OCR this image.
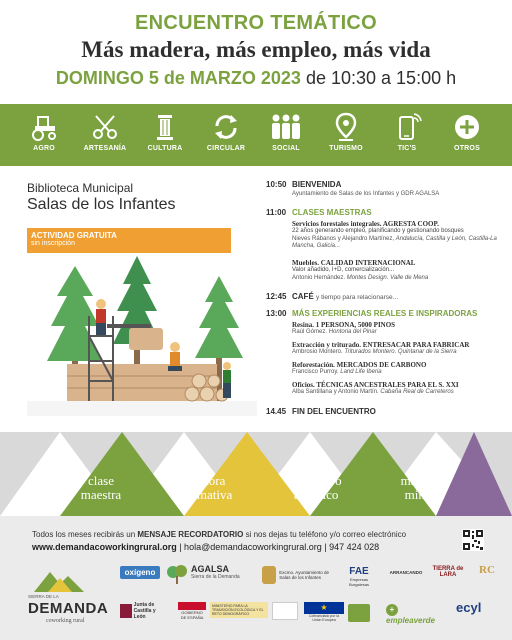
ENCUENTRO TEMÁTICO
Más madera, más empleo, más vida
DOMINGO 5 de MARZO 2023 de 10:30 a 15:00 h
AGRO	ARTESANÍA	CULTURA	CIRCULAR	SOCIAL	TURISMO	TIC'S	OTROS
Biblioteca Municipal
Salas de los Infantes
ACTIVIDAD GRATUITA
sin inscripción
10:50 BIENVENIDA
Ayuntamiento de Salas de los Infantes y GDR AGALSA
11:00 CLASES MAESTRAS
Servicios forestales integrales. AGRESTA COOP.
22 años generando empleo, planificando y gestionando bosques
Nieves Rábanos y Alejandro Martínez, Andalucía, Castilla y León, Castilla-La Mancha, Galicia...
Muebles. CALIDAD INTERNACIONAL
Valor añadido, I+D, comercialización...
Antonio Hernández. Montes Design. Valle de Mena
12:45 CAFÉ y tiempo para relacionarse...
13:00 MÁS EXPERIENCIAS REALES E INSPIRADORAS
Resina. 1 PERSONA, 5000 PINOS
Raúl Gómez. Hontoria del Pinar
Extracción y triturado. ENTRESACAR PARA FABRICAR
Ambrosio Montero. Triturados Montero. Quintanar de la Sierra
Reforestación. MERCADOS DE CARBONO
Francisco Purroy. Land Life Iberia
Oficios. TÉCNICAS ANCESTRALES PARA EL S. XXI
Alba Santillana y Antonio Martín. Cabaña Real de Carreteros
14.45 FIN DEL ENCUENTRO
clase
maestra
píldora
formativa
encuentro
temático
master
mind
Todos los meses recibirás un MENSAJE RECORDATORIO si nos dejas tu teléfono y/o correo electrónico
www.demandacoworkingrural.org | hola@demandacoworkingrural.org | 947 424 028
SIERRA DE LA
DEMANDA
coworking rural
oxígeno	AGALSA
Sierra de la Demanda
Excmo. Ayuntamiento de Salas de los Infantes
FAE
Empresas Burgalesas
ARRANCANDO
TIERRA de LARA	RC
Junta de Castilla y León
GOBIERNO DE ESPAÑA
MINISTERIO PARA LA TRANSICIÓN ECOLÓGICA Y EL RETO DEMOGRÁFICO
★
Cofinanciado por la Unión Europea
+ empleaverde
ecyl
